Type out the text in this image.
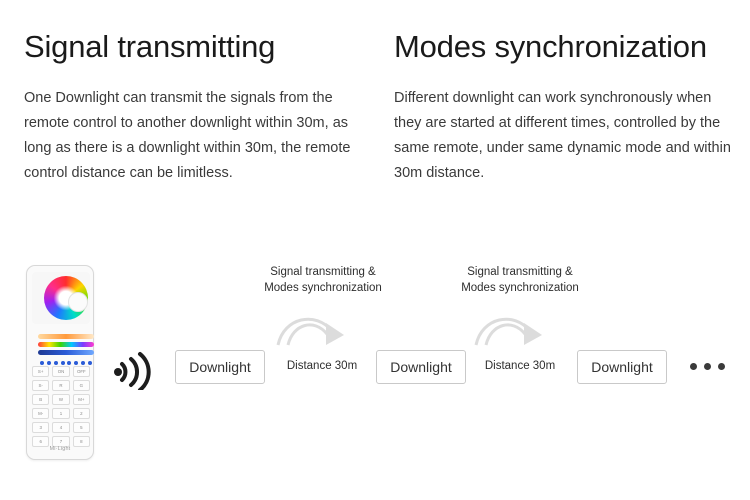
Signal transmitting

One Downlight can transmit the signals from the remote control to another downlight within 30m, as long as there is a downlight within 30m, the remote control distance can be limitless.

Modes synchronization

Different downlight can work synchronously when they are started at different times, controlled by the same remote, under same dynamic mode and within 30m distance.

S+	ON	OFF
S-	R	G
B	W	M+
M-	1	2
3	4	5
6	7	8
Mi·Light
Downlight
Signal transmitting &
Modes synchronization
Distance 30m	Downlight
Signal transmitting &
Modes synchronization
Distance 30m	Downlight
